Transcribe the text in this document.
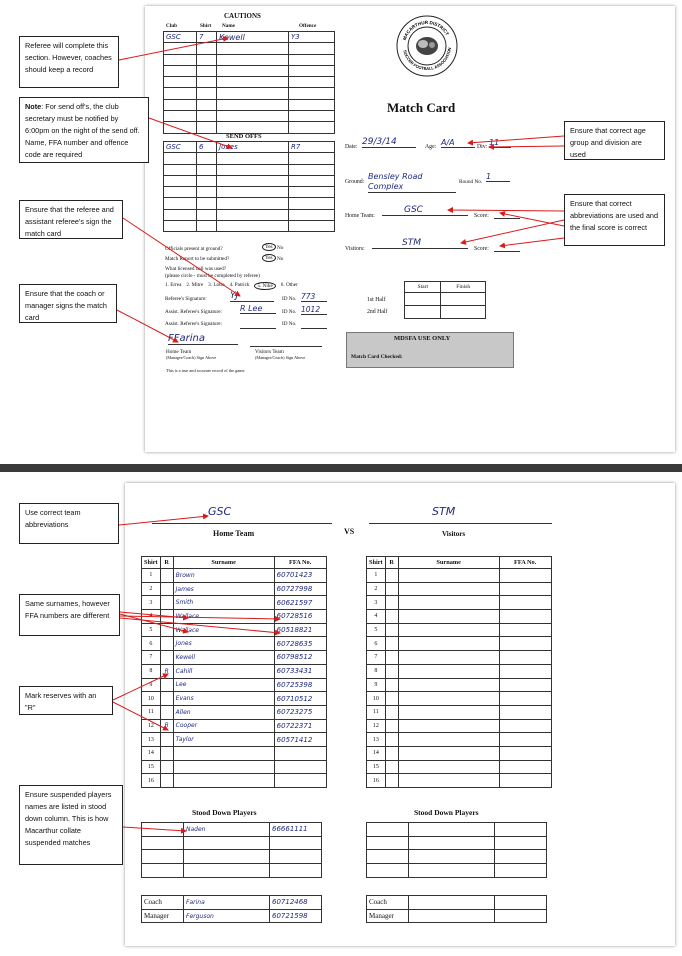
CAUTIONS
Club	Shirt Name	Offence
GSC	7	Kewell	Y3

SEND OFFS
GSC	6	Jones	R7

Officials present at ground?	Yes No
Match Report to be submitted?	Yes No
What licensed ball was used?
(please circle - must be completed by referee)
1. Errea 2. Mitre 3. Lotto 4. Patrick	5. Nike	6. Other
Referee's Signature:	YJ	ID No. 773
Assist. Referee's Signature: R Lee	ID No. 1012
Assist. Referee's Signature:	ID No.
FFarina
Home Team
(Manager/Coach) Sign Above
Visitors Team
(Manager/Coach) Sign Above
This is a true and accurate record of the game.
MACARTHUR DISTRICT
SOCCER FOOTBALL ASSOCIATION
Match Card
Date: 29/3/14	Age: A/A	Div: 11
Ground:
Bensley Road Complex	Round No.
1
Home Team:
GSC
Score:
Visitors:
STM
Score:
Start	Finish

1st Half
2nd Half
MDSFA USE ONLY
Match Card Checked:
Referee will complete this section. However, coaches should keep a record
Note: For send off's, the club secretary must be notified by 6:00pm on the night of the send off. Name, FFA number and offence code are required
Ensure that the referee and assistant referee's sign the match card
Ensure that the coach or manager signs the match card
Ensure that correct age group and division are used
Ensure that correct abbreviations are used and the final score is correct
GSC
Home Team	VS
STM
Visitors
Shirt	R	Surname	FFA No.
1		Brown	60701423
2		James	60727998
3		Smith	60621597
4		Wallace	60728516
5		Wallace	60518821
6		Jones	60728635
7		Kewell	60798512
8	R	Cahill	60733431
9		Lee	60725398
10		Evans	60710512
11		Allen	60723275
12	R	Cooper	60722371
13		Taylor	60571412
14			
15			
16			
Shirt	R	Surname	FFA No.
1			
2			
3			
4			
5			
6			
7			
8			
9			
10			
11			
12			
13			
14			
15			
16			
Stood Down Players	Stood Down Players
	Naden	66661111

Coach	Farina	60712468
Manager	Ferguson	60721598
Coach		
Manager		
Use correct team abbreviations
Same surnames, however FFA numbers are different
Mark reserves with an "R"
Ensure suspended players names are listed in stood down column. This is how Macarthur collate suspended matches
